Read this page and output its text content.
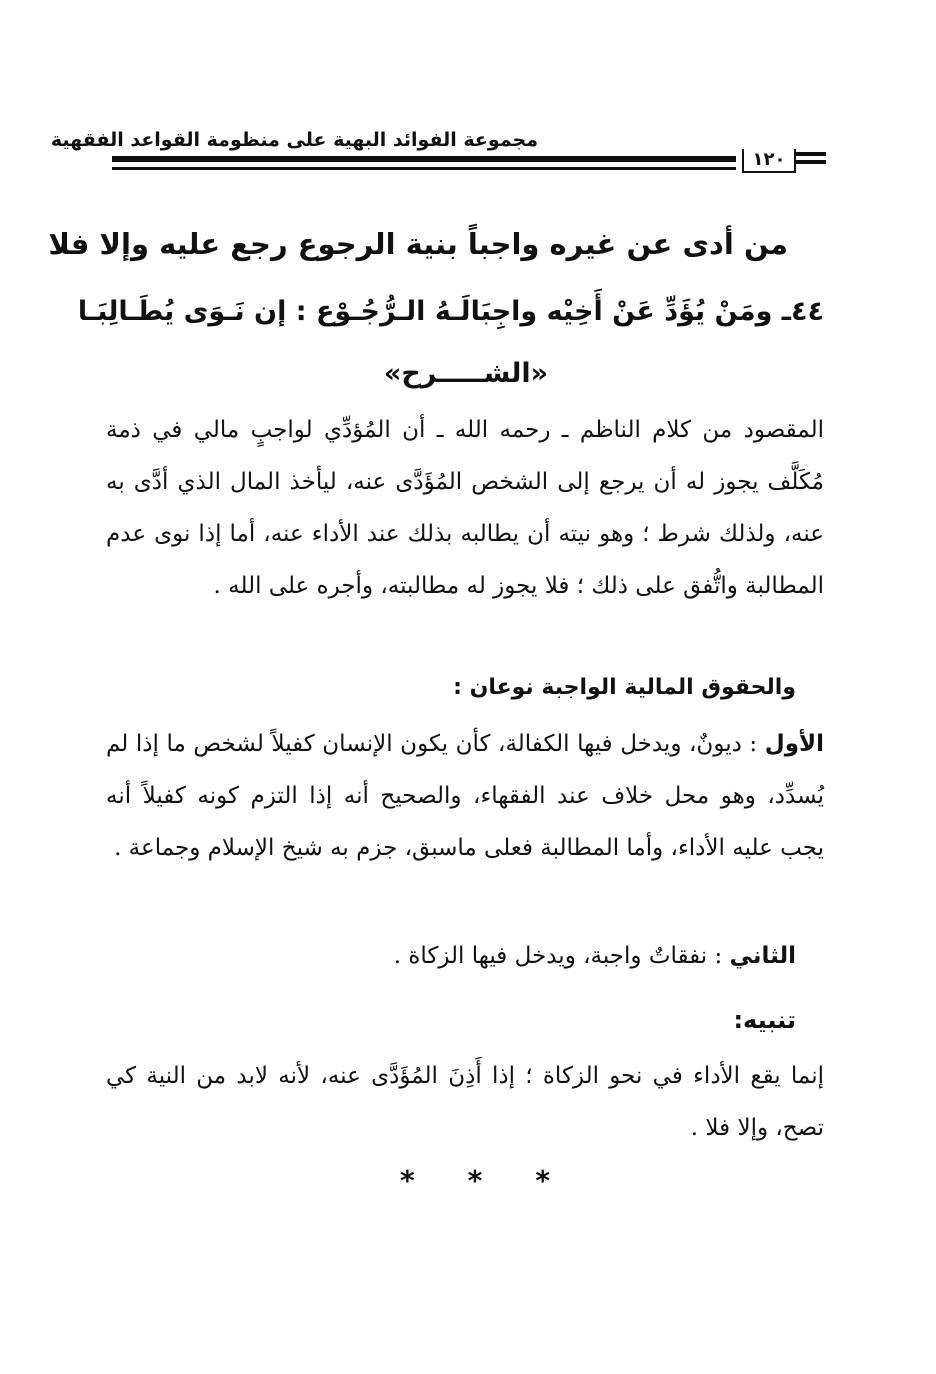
مجموعة الفوائد البهية على منظومة القواعد الفقهية
١٢٠
من أدى عن غيره واجباً بنية الرجوع رجع عليه وإلا فلا
٤٤ـ ومَنْ يُؤَدِّ عَنْ أَخِيْه واجِبَا
لَـهُ الـرُّجُـوْع : إن نَـوَى يُطَـالِبَـا
«الشـــــرح»
المقصود من كلام الناظم ـ رحمه الله ـ أن المُؤدِّي لواجبٍ مالي في ذمة مُكَلَّف يجوز له أن يرجع إلى الشخص المُؤَدَّى عنه، ليأخذ المال الذي أدَّى به عنه، ولذلك شرط ؛ وهو نيته أن يطالبه بذلك عند الأداء عنه، أما إذا نوى عدم المطالبة واتُّفق على ذلك ؛ فلا يجوز له مطالبته، وأجره على الله .
والحقوق المالية الواجبة نوعان :
الأول : ديونٌ، ويدخل فيها الكفالة، كأن يكون الإنسان كفيلاً لشخص ما إذا لم يُسدِّد، وهو محل خلاف عند الفقهاء، والصحيح أنه إذا التزم كونه كفيلاً أنه يجب عليه الأداء، وأما المطالبة فعلى ماسبق، جزم به شيخ الإسلام وجماعة .
الثاني : نفقاتٌ واجبة، ويدخل فيها الزكاة .
تنبيه:
إنما يقع الأداء في نحو الزكاة ؛ إذا أَذِنَ المُؤَدَّى عنه، لأنه لابد من النية كي تصح، وإلا فلا .
* * *
